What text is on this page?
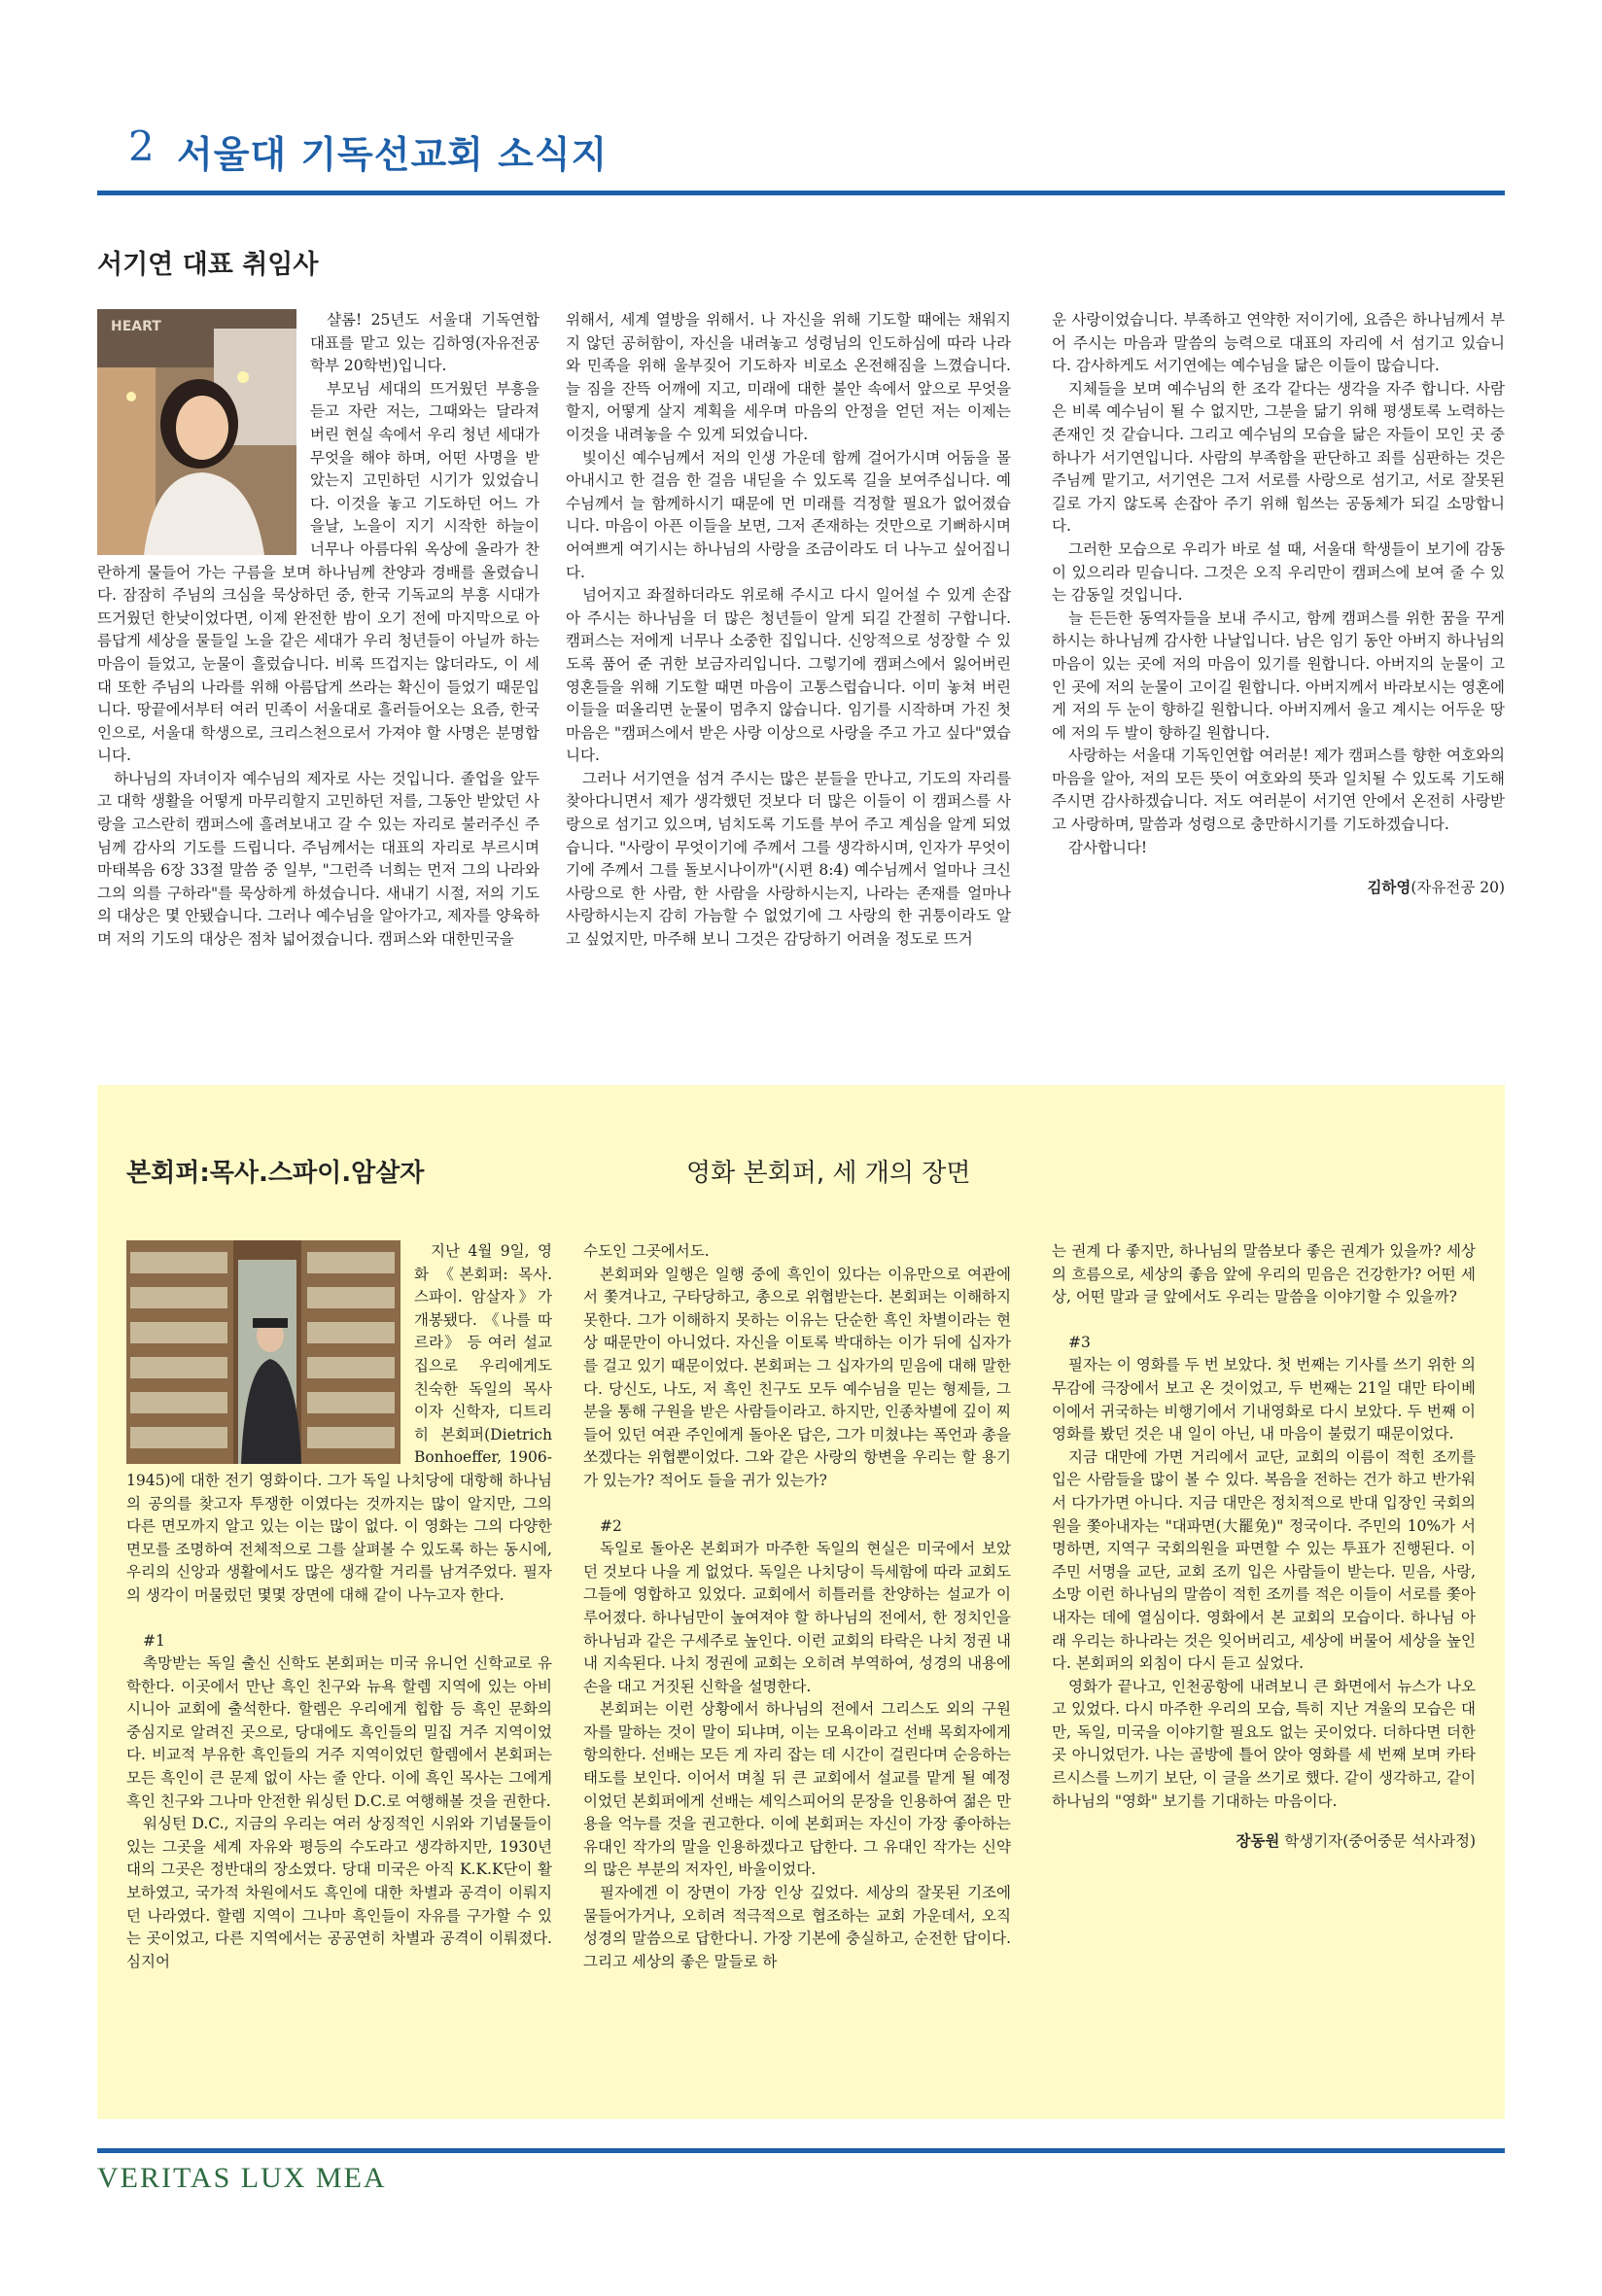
2 서울대 기독선교회 소식지
서기연 대표 취임사
HEART	샬롬! 25년도 서울대 기독연합 대표를 맡고 있는 김하영(자유전공학부 20학번)입니다.

부모님 세대의 뜨거웠던 부흥을 듣고 자란 저는, 그때와는 달라져 버린 현실 속에서 우리 청년 세대가 무엇을 해야 하며, 어떤 사명을 받았는지 고민하던 시기가 있었습니다. 이것을 놓고 기도하던 어느 가을날, 노을이 지기 시작한 하늘이 너무나 아름다워 옥상에 올라가 찬란하게 물들어 가는 구름을 보며 하나님께 찬양과 경배를 올렸습니다. 잠잠히 주님의 크심을 묵상하던 중, 한국 기독교의 부흥 시대가 뜨거웠던 한낮이었다면, 이제 완전한 밤이 오기 전에 마지막으로 아름답게 세상을 물들일 노을 같은 세대가 우리 청년들이 아닐까 하는 마음이 들었고, 눈물이 흘렀습니다. 비록 뜨겁지는 않더라도, 이 세대 또한 주님의 나라를 위해 아름답게 쓰라는 확신이 들었기 때문입니다. 땅끝에서부터 여러 민족이 서울대로 흘러들어오는 요즘, 한국인으로, 서울대 학생으로, 크리스천으로서 가져야 할 사명은 분명합니다.

하나님의 자녀이자 예수님의 제자로 사는 것입니다. 졸업을 앞두고 대학 생활을 어떻게 마무리할지 고민하던 저를, 그동안 받았던 사랑을 고스란히 캠퍼스에 흘려보내고 갈 수 있는 자리로 불러주신 주님께 감사의 기도를 드립니다. 주님께서는 대표의 자리로 부르시며 마태복음 6장 33절 말씀 중 일부, "그런즉 너희는 먼저 그의 나라와 그의 의를 구하라"를 묵상하게 하셨습니다. 새내기 시절, 저의 기도의 대상은 몇 안됐습니다. 그러나 예수님을 알아가고, 제자를 양육하며 저의 기도의 대상은 점차 넓어졌습니다. 캠퍼스와 대한민국을

위해서, 세계 열방을 위해서. 나 자신을 위해 기도할 때에는 채워지지 않던 공허함이, 자신을 내려놓고 성령님의 인도하심에 따라 나라와 민족을 위해 울부짖어 기도하자 비로소 온전해짐을 느꼈습니다. 늘 짐을 잔뜩 어깨에 지고, 미래에 대한 불안 속에서 앞으로 무엇을 할지, 어떻게 살지 계획을 세우며 마음의 안정을 얻던 저는 이제는 이것을 내려놓을 수 있게 되었습니다.

빛이신 예수님께서 저의 인생 가운데 함께 걸어가시며 어둠을 몰아내시고 한 걸음 한 걸음 내딛을 수 있도록 길을 보여주십니다. 예수님께서 늘 함께하시기 때문에 먼 미래를 걱정할 필요가 없어졌습니다. 마음이 아픈 이들을 보면, 그저 존재하는 것만으로 기뻐하시며 어여쁘게 여기시는 하나님의 사랑을 조금이라도 더 나누고 싶어집니다.

넘어지고 좌절하더라도 위로해 주시고 다시 일어설 수 있게 손잡아 주시는 하나님을 더 많은 청년들이 알게 되길 간절히 구합니다. 캠퍼스는 저에게 너무나 소중한 집입니다. 신앙적으로 성장할 수 있도록 품어 준 귀한 보금자리입니다. 그렇기에 캠퍼스에서 잃어버린 영혼들을 위해 기도할 때면 마음이 고통스럽습니다. 이미 놓쳐 버린 이들을 떠올리면 눈물이 멈추지 않습니다. 임기를 시작하며 가진 첫 마음은 "캠퍼스에서 받은 사랑 이상으로 사랑을 주고 가고 싶다"였습니다.

그러나 서기연을 섬겨 주시는 많은 분들을 만나고, 기도의 자리를 찾아다니면서 제가 생각했던 것보다 더 많은 이들이 이 캠퍼스를 사랑으로 섬기고 있으며, 넘치도록 기도를 부어 주고 계심을 알게 되었습니다. "사랑이 무엇이기에 주께서 그를 생각하시며, 인자가 무엇이기에 주께서 그를 돌보시나이까"(시편 8:4) 예수님께서 얼마나 크신 사랑으로 한 사람, 한 사람을 사랑하시는지, 나라는 존재를 얼마나 사랑하시는지 감히 가늠할 수 없었기에 그 사랑의 한 귀퉁이라도 알고 싶었지만, 마주해 보니 그것은 감당하기 어려울 정도로 뜨거

운 사랑이었습니다. 부족하고 연약한 저이기에, 요즘은 하나님께서 부어 주시는 마음과 말씀의 능력으로 대표의 자리에 서 섬기고 있습니다. 감사하게도 서기연에는 예수님을 닮은 이들이 많습니다.

지체들을 보며 예수님의 한 조각 같다는 생각을 자주 합니다. 사람은 비록 예수님이 될 수 없지만, 그분을 닮기 위해 평생토록 노력하는 존재인 것 같습니다. 그리고 예수님의 모습을 닮은 자들이 모인 곳 중 하나가 서기연입니다. 사람의 부족함을 판단하고 죄를 심판하는 것은 주님께 맡기고, 서기연은 그저 서로를 사랑으로 섬기고, 서로 잘못된 길로 가지 않도록 손잡아 주기 위해 힘쓰는 공동체가 되길 소망합니다.

그러한 모습으로 우리가 바로 설 때, 서울대 학생들이 보기에 감동이 있으리라 믿습니다. 그것은 오직 우리만이 캠퍼스에 보여 줄 수 있는 감동일 것입니다.

늘 든든한 동역자들을 보내 주시고, 함께 캠퍼스를 위한 꿈을 꾸게 하시는 하나님께 감사한 나날입니다. 남은 임기 동안 아버지 하나님의 마음이 있는 곳에 저의 마음이 있기를 원합니다. 아버지의 눈물이 고인 곳에 저의 눈물이 고이길 원합니다. 아버지께서 바라보시는 영혼에게 저의 두 눈이 향하길 원합니다. 아버지께서 울고 계시는 어두운 땅에 저의 두 발이 향하길 원합니다.

사랑하는 서울대 기독인연합 여러분! 제가 캠퍼스를 향한 여호와의 마음을 알아, 저의 모든 뜻이 여호와의 뜻과 일치될 수 있도록 기도해 주시면 감사하겠습니다. 저도 여러분이 서기연 안에서 온전히 사랑받고 사랑하며, 말씀과 성령으로 충만하시기를 기도하겠습니다.

감사합니다!

김하영(자유전공 20)
본회퍼:목사.스파이.암살자	영화 본회퍼, 세 개의 장면

지난 4월 9일, 영화 《본회퍼: 목사. 스파이. 암살자》가 개봉됐다. 《나를 따르라》 등 여러 설교집으로 우리에게도 친숙한 독일의 목사이자 신학자, 디트리히 본회퍼(Dietrich Bonhoeffer, 1906-1945)에 대한 전기 영화이다. 그가 독일 나치당에 대항해 하나님의 공의를 찾고자 투쟁한 이였다는 것까지는 많이 알지만, 그의 다른 면모까지 알고 있는 이는 많이 없다. 이 영화는 그의 다양한 면모를 조명하여 전체적으로 그를 살펴볼 수 있도록 하는 동시에, 우리의 신앙과 생활에서도 많은 생각할 거리를 남겨주었다. 필자의 생각이 머물렀던 몇몇 장면에 대해 같이 나누고자 한다.

#1

촉망받는 독일 출신 신학도 본회퍼는 미국 유니언 신학교로 유학한다. 이곳에서 만난 흑인 친구와 뉴욕 할렘 지역에 있는 아비시니아 교회에 출석한다. 할렘은 우리에게 힙합 등 흑인 문화의 중심지로 알려진 곳으로, 당대에도 흑인들의 밀집 거주 지역이었다. 비교적 부유한 흑인들의 거주 지역이었던 할렘에서 본회퍼는 모든 흑인이 큰 문제 없이 사는 줄 안다. 이에 흑인 목사는 그에게 흑인 친구와 그나마 안전한 워싱턴 D.C.로 여행해볼 것을 권한다.

워싱턴 D.C., 지금의 우리는 여러 상징적인 시위와 기념물들이 있는 그곳을 세계 자유와 평등의 수도라고 생각하지만, 1930년대의 그곳은 정반대의 장소였다. 당대 미국은 아직 K.K.K단이 활보하였고, 국가적 차원에서도 흑인에 대한 차별과 공격이 이뤄지던 나라였다. 할렘 지역이 그나마 흑인들이 자유를 구가할 수 있는 곳이었고, 다른 지역에서는 공공연히 차별과 공격이 이뤄졌다. 심지어

수도인 그곳에서도.

본회퍼와 일행은 일행 중에 흑인이 있다는 이유만으로 여관에서 쫓겨나고, 구타당하고, 총으로 위협받는다. 본회퍼는 이해하지 못한다. 그가 이해하지 못하는 이유는 단순한 흑인 차별이라는 현상 때문만이 아니었다. 자신을 이토록 박대하는 이가 뒤에 십자가를 걸고 있기 때문이었다. 본회퍼는 그 십자가의 믿음에 대해 말한다. 당신도, 나도, 저 흑인 친구도 모두 예수님을 믿는 형제들, 그분을 통해 구원을 받은 사람들이라고. 하지만, 인종차별에 깊이 찌들어 있던 여관 주인에게 돌아온 답은, 그가 미쳤냐는 폭언과 총을 쏘겠다는 위협뿐이었다. 그와 같은 사랑의 항변을 우리는 할 용기가 있는가? 적어도 들을 귀가 있는가?

#2

독일로 돌아온 본회퍼가 마주한 독일의 현실은 미국에서 보았던 것보다 나을 게 없었다. 독일은 나치당이 득세함에 따라 교회도 그들에 영합하고 있었다. 교회에서 히틀러를 찬양하는 설교가 이루어졌다. 하나님만이 높여져야 할 하나님의 전에서, 한 정치인을 하나님과 같은 구세주로 높인다. 이런 교회의 타락은 나치 정권 내내 지속된다. 나치 정권에 교회는 오히려 부역하여, 성경의 내용에 손을 대고 거짓된 신학을 설명한다.

본회퍼는 이런 상황에서 하나님의 전에서 그리스도 외의 구원자를 말하는 것이 말이 되냐며, 이는 모욕이라고 선배 목회자에게 항의한다. 선배는 모든 게 자리 잡는 데 시간이 걸린다며 순응하는 태도를 보인다. 이어서 며칠 뒤 큰 교회에서 설교를 맡게 될 예정이었던 본회퍼에게 선배는 셰익스피어의 문장을 인용하여 젊은 만용을 억누를 것을 권고한다. 이에 본회퍼는 자신이 가장 좋아하는 유대인 작가의 말을 인용하겠다고 답한다. 그 유대인 작가는 신약의 많은 부분의 저자인, 바울이었다.

필자에겐 이 장면이 가장 인상 깊었다. 세상의 잘못된 기조에 물들어가거나, 오히려 적극적으로 협조하는 교회 가운데서, 오직 성경의 말씀으로 답한다니. 가장 기본에 충실하고, 순전한 답이다. 그리고 세상의 좋은 말들로 하

는 권계 다 좋지만, 하나님의 말씀보다 좋은 권계가 있을까? 세상의 흐름으로, 세상의 좋음 앞에 우리의 믿음은 건강한가? 어떤 세상, 어떤 말과 글 앞에서도 우리는 말씀을 이야기할 수 있을까?

#3

필자는 이 영화를 두 번 보았다. 첫 번째는 기사를 쓰기 위한 의무감에 극장에서 보고 온 것이었고, 두 번째는 21일 대만 타이베이에서 귀국하는 비행기에서 기내영화로 다시 보았다. 두 번째 이 영화를 봤던 것은 내 일이 아닌, 내 마음이 불렀기 때문이었다.

지금 대만에 가면 거리에서 교단, 교회의 이름이 적힌 조끼를 입은 사람들을 많이 볼 수 있다. 복음을 전하는 건가 하고 반가워서 다가가면 아니다. 지금 대만은 정치적으로 반대 입장인 국회의원을 쫓아내자는 "대파면(大罷免)" 정국이다. 주민의 10%가 서명하면, 지역구 국회의원을 파면할 수 있는 투표가 진행된다. 이 주민 서명을 교단, 교회 조끼 입은 사람들이 받는다. 믿음, 사랑, 소망 이런 하나님의 말씀이 적힌 조끼를 적은 이들이 서로를 쫓아내자는 데에 열심이다. 영화에서 본 교회의 모습이다. 하나님 아래 우리는 하나라는 것은 잊어버리고, 세상에 버물어 세상을 높인다. 본회퍼의 외침이 다시 듣고 싶었다.

영화가 끝나고, 인천공항에 내려보니 큰 화면에서 뉴스가 나오고 있었다. 다시 마주한 우리의 모습, 특히 지난 겨울의 모습은 대만, 독일, 미국을 이야기할 필요도 없는 곳이었다. 더하다면 더한 곳 아니었던가. 나는 골방에 틀어 앉아 영화를 세 번째 보며 카타르시스를 느끼기 보단, 이 글을 쓰기로 했다. 같이 생각하고, 같이 하나님의 "영화" 보기를 기대하는 마음이다.

장동원 학생기자(중어중문 석사과정)
VERITAS LUX MEA
